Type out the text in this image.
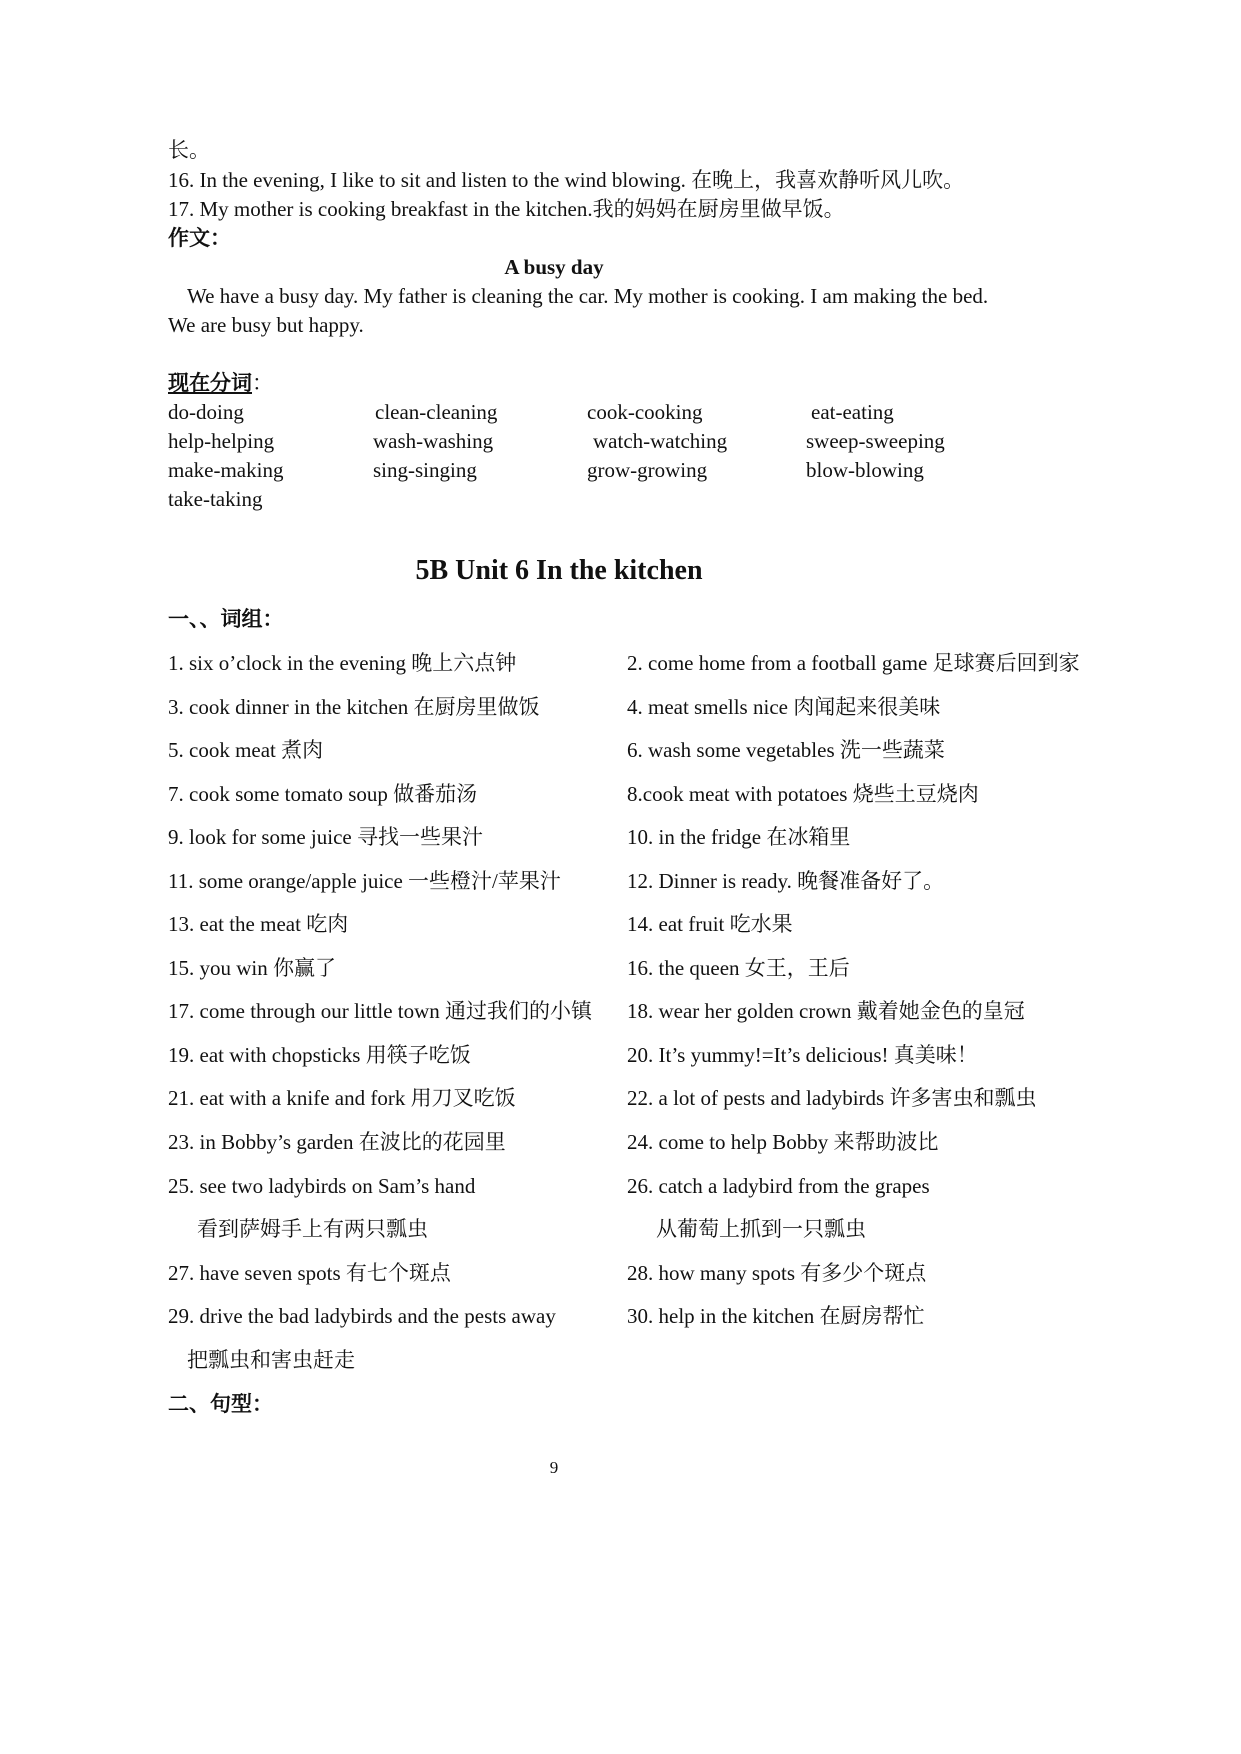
长。
16. In the evening, I like to sit and listen to the wind blowing. 在晚上，我喜欢静听风儿吹。
17. My mother is cooking breakfast in the kitchen.我的妈妈在厨房里做早饭。
作文：
A busy day
We have a busy day. My father is cleaning the car. My mother is cooking. I am making the bed.
We are busy but happy.
现在分词：
do-doing	clean-cleaning	cook-cooking	eat-eating
help-helping	wash-washing	watch-watching	sweep-sweeping
make-making	sing-singing	grow-growing	blow-blowing
take-taking
5B Unit 6 In the kitchen
一、、词组：
1. six o’clock in the evening 晚上六点钟	2. come home from a football game 足球赛后回到家
3. cook dinner in the kitchen 在厨房里做饭	4. meat smells nice 肉闻起来很美味
5. cook meat 煮肉	6. wash some vegetables 洗一些蔬菜
7. cook some tomato soup 做番茄汤	8.cook meat with potatoes 烧些土豆烧肉
9. look for some juice 寻找一些果汁	10. in the fridge 在冰箱里
11. some orange/apple juice 一些橙汁/苹果汁	12. Dinner is ready. 晚餐准备好了。
13. eat the meat 吃肉	14. eat fruit 吃水果
15. you win 你赢了	16. the queen 女王，王后
17. come through our little town 通过我们的小镇 18. wear her golden crown 戴着她金色的皇冠
19. eat with chopsticks 用筷子吃饭	20. It’s yummy!=It’s delicious! 真美味！
21. eat with a knife and fork 用刀叉吃饭	22. a lot of pests and ladybirds 许多害虫和瓢虫
23. in Bobby’s garden 在波比的花园里	24. come to help Bobby 来帮助波比
25. see two ladybirds on Sam’s hand	26. catch a ladybird from the grapes
看到萨姆手上有两只瓢虫	从葡萄上抓到一只瓢虫
27. have seven spots 有七个斑点	28. how many spots 有多少个斑点
29. drive the bad ladybirds and the pests away	30. help in the kitchen 在厨房帮忙
把瓢虫和害虫赶走
二、句型：
9
